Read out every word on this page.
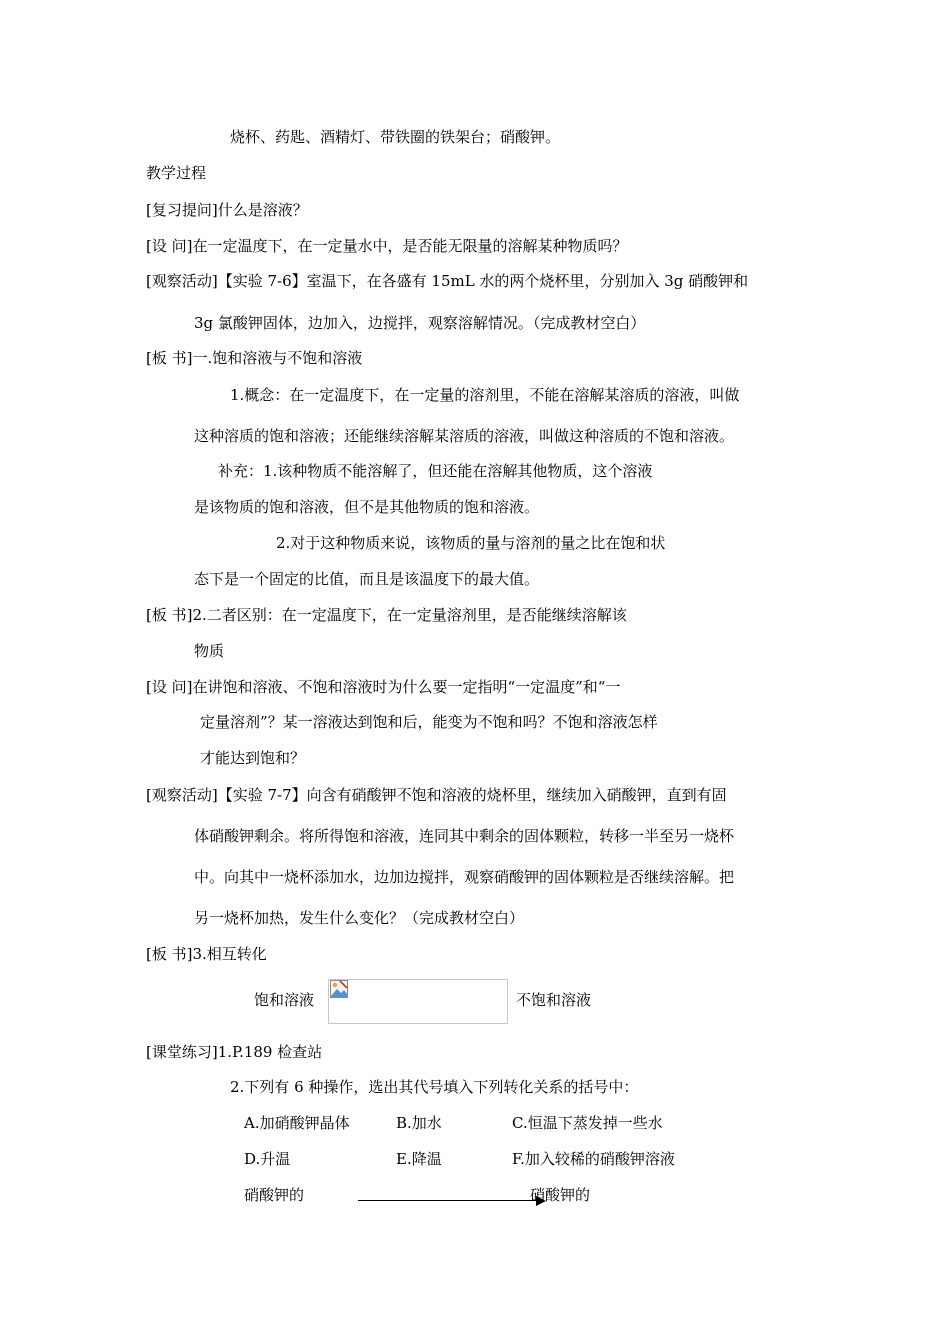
烧杯、药匙、酒精灯、带铁圈的铁架台；硝酸钾。
教学过程
[复习提问]什么是溶液？
[设 问]在一定温度下，在一定量水中，是否能无限量的溶解某种物质吗？
[观察活动]【实验 7-6】室温下，在各盛有 15mL 水的两个烧杯里，分别加入 3g 硝酸钾和
3g 氯酸钾固体，边加入，边搅拌，观察溶解情况。（完成教材空白）
[板 书]一.饱和溶液与不饱和溶液
1.概念：在一定温度下，在一定量的溶剂里，不能在溶解某溶质的溶液，叫做
这种溶质的饱和溶液；还能继续溶解某溶质的溶液，叫做这种溶质的不饱和溶液。
补充：1.该种物质不能溶解了，但还能在溶解其他物质，这个溶液
是该物质的饱和溶液，但不是其他物质的饱和溶液。
2.对于这种物质来说，该物质的量与溶剂的量之比在饱和状
态下是一个固定的比值，而且是该温度下的最大值。
[板 书]2.二者区别：在一定温度下，在一定量溶剂里，是否能继续溶解该
物质
[设 问]在讲饱和溶液、不饱和溶液时为什么要一定指明“一定温度”和“一
定量溶剂”？某一溶液达到饱和后，能变为不饱和吗？不饱和溶液怎样
才能达到饱和？
[观察活动]【实验 7-7】向含有硝酸钾不饱和溶液的烧杯里，继续加入硝酸钾，直到有固
体硝酸钾剩余。将所得饱和溶液，连同其中剩余的固体颗粒，转移一半至另一烧杯
中。向其中一烧杯添加水，边加边搅拌，观察硝酸钾的固体颗粒是否继续溶解。把
另一烧杯加热，发生什么变化？（完成教材空白）
[板 书]3.相互转化
饱和溶液	不饱和溶液
[课堂练习]1.P.189 检查站
2.下列有 6 种操作，选出其代号填入下列转化关系的括号中：
A.加硝酸钾晶体	B.加水	C.恒温下蒸发掉一些水
D.升温	E.降温	F.加入较稀的硝酸钾溶液
硝酸钾的	硝酸钾的
